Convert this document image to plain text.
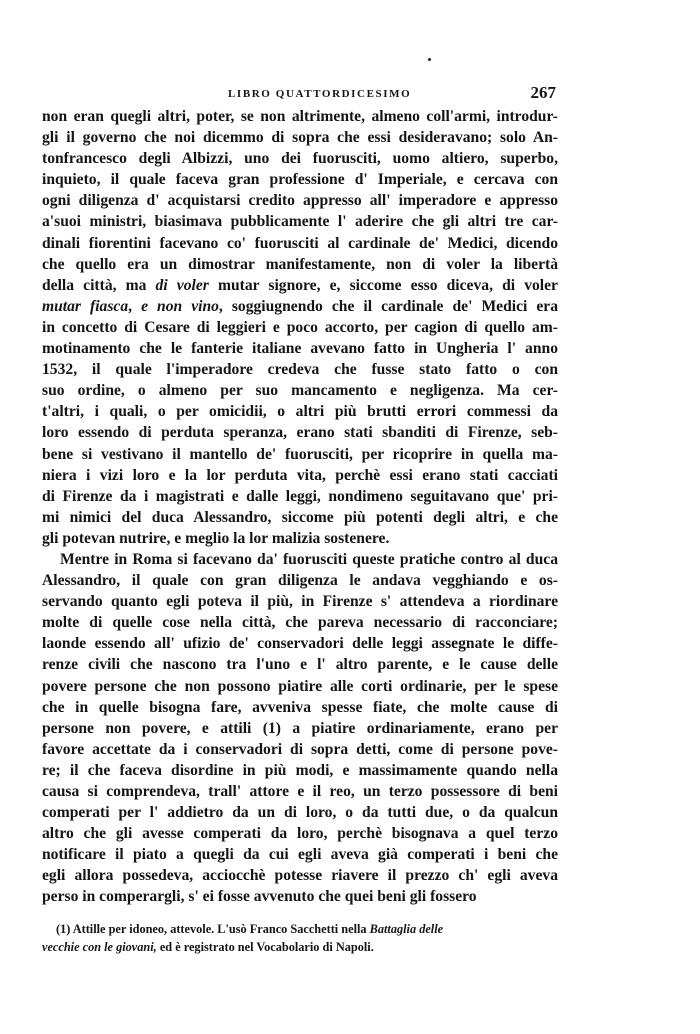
LIBRO QUATTORDICESIMO	267
non eran quegli altri, poter, se non altrimente, almeno coll'armi, introdur-
gli il governo che noi dicemmo di sopra che essi desideravano; solo An-
tonfrancesco degli Albizzi, uno dei fuorusciti, uomo altiero, superbo,
inquieto, il quale faceva gran professione d' Imperiale, e cercava con
ogni diligenza d' acquistarsi credito appresso all' imperadore e appresso
a'suoi ministri, biasimava pubblicamente l' aderire che gli altri tre car-
dinali fiorentini facevano co' fuorusciti al cardinale de' Medici, dicendo
che quello era un dimostrar manifestamente, non di voler la libertà
della città, ma di voler mutar signore, e, siccome esso diceva, di voler
mutar fiasca, e non vino, soggiugnendo che il cardinale de' Medici era
in concetto di Cesare di leggieri e poco accorto, per cagion di quello am-
motinamento che le fanterie italiane avevano fatto in Ungheria l' anno
1532, il quale l'imperadore credeva che fusse stato fatto o con
suo ordine, o almeno per suo mancamento e negligenza. Ma cer-
t'altri, i quali, o per omicidii, o altri più brutti errori commessi da
loro essendo di perduta speranza, erano stati sbanditi di Firenze, seb-
bene si vestivano il mantello de' fuorusciti, per ricoprire in quella ma-
niera i vizi loro e la lor perduta vita, perchè essi erano stati cacciati
di Firenze da i magistrati e dalle leggi, nondimeno seguitavano que' pri-
mi nimici del duca Alessandro, siccome più potenti degli altri, e che
gli potevan nutrire, e meglio la lor malizia sostenere.
Mentre in Roma si facevano da' fuorusciti queste pratiche contro al duca
Alessandro, il quale con gran diligenza le andava vegghiando e os-
servando quanto egli poteva il più, in Firenze s' attendeva a riordinare
molte di quelle cose nella città, che pareva necessario di racconciare;
laonde essendo all' ufizio de' conservadori delle leggi assegnate le diffe-
renze civili che nascono tra l'uno e l' altro parente, e le cause delle
povere persone che non possono piatire alle corti ordinarie, per le spese
che in quelle bisogna fare, avveniva spesse fiate, che molte cause di
persone non povere, e attili (1) a piatire ordinariamente, erano per
favore accettate da i conservadori di sopra detti, come di persone pove-
re; il che faceva disordine in più modi, e massimamente quando nella
causa si comprendeva, trall' attore e il reo, un terzo possessore di beni
comperati per l' addietro da un di loro, o da tutti due, o da qualcun
altro che gli avesse comperati da loro, perchè bisognava a quel terzo
notificare il piato a quegli da cui egli aveva già comperati i beni che
egli allora possedeva, acciocchè potesse riavere il prezzo ch' egli aveva
perso in comperargli, s' ei fosse avvenuto che quei beni gli fossero
(1) Attille per idoneo, attevole. L'usò Franco Sacchetti nella Battaglia delle
vecchie con le giovani, ed è registrato nel Vocabolario di Napoli.
